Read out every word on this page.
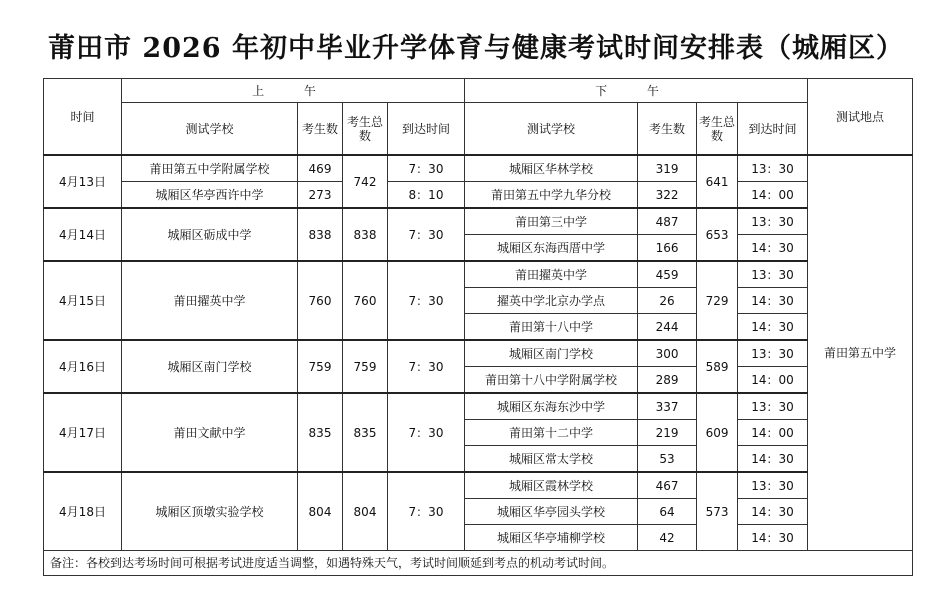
莆田市 2026 年初中毕业升学体育与健康考试时间安排表（城厢区）
时间	上 午				下 午				测试地点
	测试学校	考生数	考生总数	到达时间	测试学校	考生数	考生总数	到达时间	
4月13日	莆田第五中学附属学校	469	742	7：30	城厢区华林学校	319	641	13：30	莆田第五中学
	城厢区华亭西许中学	273		8：10	莆田第五中学九华分校	322		14：00	
4月14日	城厢区砺成中学	838	838	7：30	莆田第三中学	487	653	13：30	
					城厢区东海西厝中学	166		14：30	
4月15日	莆田擢英中学	760	760	7：30	莆田擢英中学	459	729	13：30	
					擢英中学北京办学点	26		14：30	
					莆田第十八中学	244		14：30	
4月16日	城厢区南门学校	759	759	7：30	城厢区南门学校	300	589	13：30	
					莆田第十八中学附属学校	289		14：00	
4月17日	莆田文献中学	835	835	7：30	城厢区东海东沙中学	337	609	13：30	
					莆田第十二中学	219		14：00	
					城厢区常太学校	53		14：30	
4月18日	城厢区顶墩实验学校	804	804	7：30	城厢区霞林学校	467	573	13：30	
					城厢区华亭园头学校	64		14：30	
					城厢区华亭埔柳学校	42		14：30	
备注：各校到达考场时间可根据考试进度适当调整，如遇特殊天气，考试时间顺延到考点的机动考试时间。									
